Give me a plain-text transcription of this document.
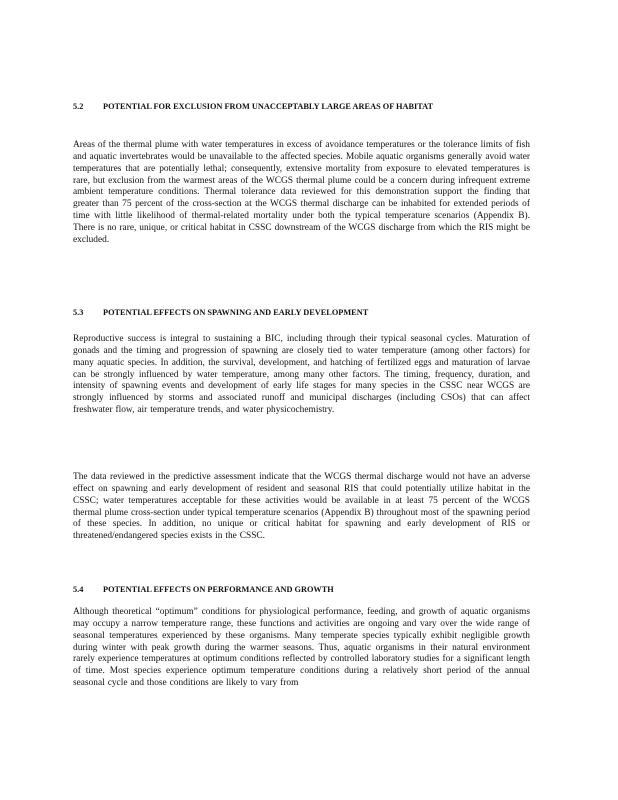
5.2 POTENTIAL FOR EXCLUSION FROM UNACCEPTABLY LARGE AREAS OF HABITAT
Areas of the thermal plume with water temperatures in excess of avoidance temperatures or the tolerance limits of fish and aquatic invertebrates would be unavailable to the affected species. Mobile aquatic organisms generally avoid water temperatures that are potentially lethal; consequently, extensive mortality from exposure to elevated temperatures is rare, but exclusion from the warmest areas of the WCGS thermal plume could be a concern during infrequent extreme ambient temperature conditions. Thermal tolerance data reviewed for this demonstration support the finding that greater than 75 percent of the cross-section at the WCGS thermal discharge can be inhabited for extended periods of time with little likelihood of thermal-related mortality under both the typical temperature scenarios (Appendix B). There is no rare, unique, or critical habitat in CSSC downstream of the WCGS discharge from which the RIS might be excluded.
5.3 POTENTIAL EFFECTS ON SPAWNING AND EARLY DEVELOPMENT
Reproductive success is integral to sustaining a BIC, including through their typical seasonal cycles. Maturation of gonads and the timing and progression of spawning are closely tied to water temperature (among other factors) for many aquatic species. In addition, the survival, development, and hatching of fertilized eggs and maturation of larvae can be strongly influenced by water temperature, among many other factors. The timing, frequency, duration, and intensity of spawning events and development of early life stages for many species in the CSSC near WCGS are strongly influenced by storms and associated runoff and municipal discharges (including CSOs) that can affect freshwater flow, air temperature trends, and water physicochemistry.
The data reviewed in the predictive assessment indicate that the WCGS thermal discharge would not have an adverse effect on spawning and early development of resident and seasonal RIS that could potentially utilize habitat in the CSSC; water temperatures acceptable for these activities would be available in at least 75 percent of the WCGS thermal plume cross-section under typical temperature scenarios (Appendix B) throughout most of the spawning period of these species. In addition, no unique or critical habitat for spawning and early development of RIS or threatened/endangered species exists in the CSSC.
5.4 POTENTIAL EFFECTS ON PERFORMANCE AND GROWTH
Although theoretical “optimum” conditions for physiological performance, feeding, and growth of aquatic organisms may occupy a narrow temperature range, these functions and activities are ongoing and vary over the wide range of seasonal temperatures experienced by these organisms. Many temperate species typically exhibit negligible growth during winter with peak growth during the warmer seasons. Thus, aquatic organisms in their natural environment rarely experience temperatures at optimum conditions reflected by controlled laboratory studies for a significant length of time. Most species experience optimum temperature conditions during a relatively short period of the annual seasonal cycle and those conditions are likely to vary from
